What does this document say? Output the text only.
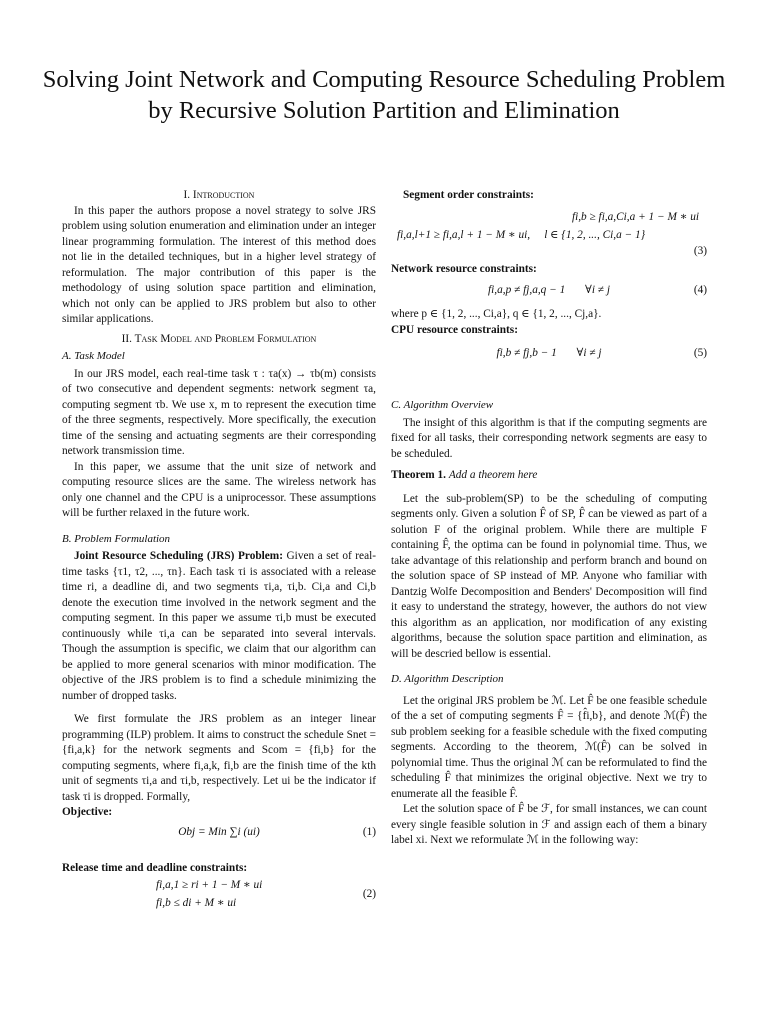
Solving Joint Network and Computing Resource Scheduling Problem by Recursive Solution Partition and Elimination
I. Introduction

In this paper the authors propose a novel strategy to solve JRS problem using solution enumeration and elimination under an integer linear programming formulation. The interest of this method does not lie in the detailed techniques, but in a higher level strategy of reformulation. The major contribution of this paper is the methodology of using solution space partition and elimination, which not only can be applied to JRS problem but also to other similar applications.

II. Task Model and Problem Formulation
A. Task Model

In our JRS model, each real-time task τ : τa(x) → τb(m) consists of two consecutive and dependent segments: network segment τa, computing segment τb. We use x, m to represent the execution time of the three segments, respectively. More specifically, the execution time of the sensing and actuating segments are their corresponding network transmission time.

In this paper, we assume that the unit size of network and computing resource slices are the same. The wireless network has only one channel and the CPU is a uniprocessor. These assumptions will be further relaxed in the future work.

B. Problem Formulation

Joint Resource Scheduling (JRS) Problem: Given a set of real-time tasks {τ1, τ2, ..., τn}. Each task τi is associated with a release time ri, a deadline di, and two segments τi,a, τi,b. Ci,a and Ci,b denote the execution time involved in the network segment and the computing segment. In this paper we assume τi,b must be executed continuously while τi,a can be separated into several intervals. Though the assumption is specific, we claim that our algorithm can be applied to more general scenarios with minor modification. The objective of the JRS problem is to find a schedule minimizing the number of dropped tasks.

We first formulate the JRS problem as an integer linear programming (ILP) problem. It aims to construct the schedule Snet = {fi,a,k} for the network segments and Scom = {fi,b} for the computing segments, where fi,a,k, fi,b are the finish time of the kth unit of segments τi,a and τi,b, respectively. Let ui be the indicator if task τi is dropped. Formally,

Objective:
Obj = Min ∑i (ui)	(1)
Release time and deadline constraints:
fi,a,1 ≥ ri + 1 − M ∗ ui
fi,b ≤ di + M ∗ ui
(2)
Segment order constraints:
fi,b ≥ fi,a,Ci,a + 1 − M ∗ ui
fi,a,l+1 ≥ fi,a,l + 1 − M ∗ ui,     l ∈ {1, 2, ..., Ci,a − 1}
(3)
Network resource constraints:
fi,a,p ≠ fj,a,q − 1       ∀i ≠ j	(4)

where p ∈ {1, 2, ..., Ci,a}, q ∈ {1, 2, ..., Cj,a}.

CPU resource constraints:
fi,b ≠ fj,b − 1       ∀i ≠ j	(5)
C. Algorithm Overview

The insight of this algorithm is that if the computing segments are fixed for all tasks, their corresponding network segments are easy to be scheduled.

Theorem 1. Add a theorem here

Let the sub-problem(SP) to be the scheduling of computing segments only. Given a solution F̂ of SP, F̂ can be viewed as part of a solution F of the original problem. While there are multiple F containing F̂, the optima can be found in polynomial time. Thus, we take advantage of this relationship and perform branch and bound on the solution space of SP instead of MP. Anyone who familiar with Dantzig Wolfe Decomposition and Benders' Decomposition will find it easy to understand the strategy, however, the authors do not view this algorithm as an application, nor modification of any existing algorithms, because the solution space partition and elimination, as will be descried bellow is essential.

D. Algorithm Description

Let the original JRS problem be ℳ. Let F̂ be one feasible schedule of the a set of computing segments F̂ = {f̂i,b}, and denote ℳ(F̂) the sub problem seeking for a feasible schedule with the fixed computing segments. According to the theorem, ℳ(F̂) can be solved in polynomial time. Thus the original ℳ can be reformulated to find the scheduling F̂ that minimizes the original objective. Next we try to enumerate all the feasible F̂.

Let the solution space of F̂ be ℱ, for small instances, we can count every single feasible solution in ℱ and assign each of them a binary label xi. Next we reformulate ℳ in the following way:
